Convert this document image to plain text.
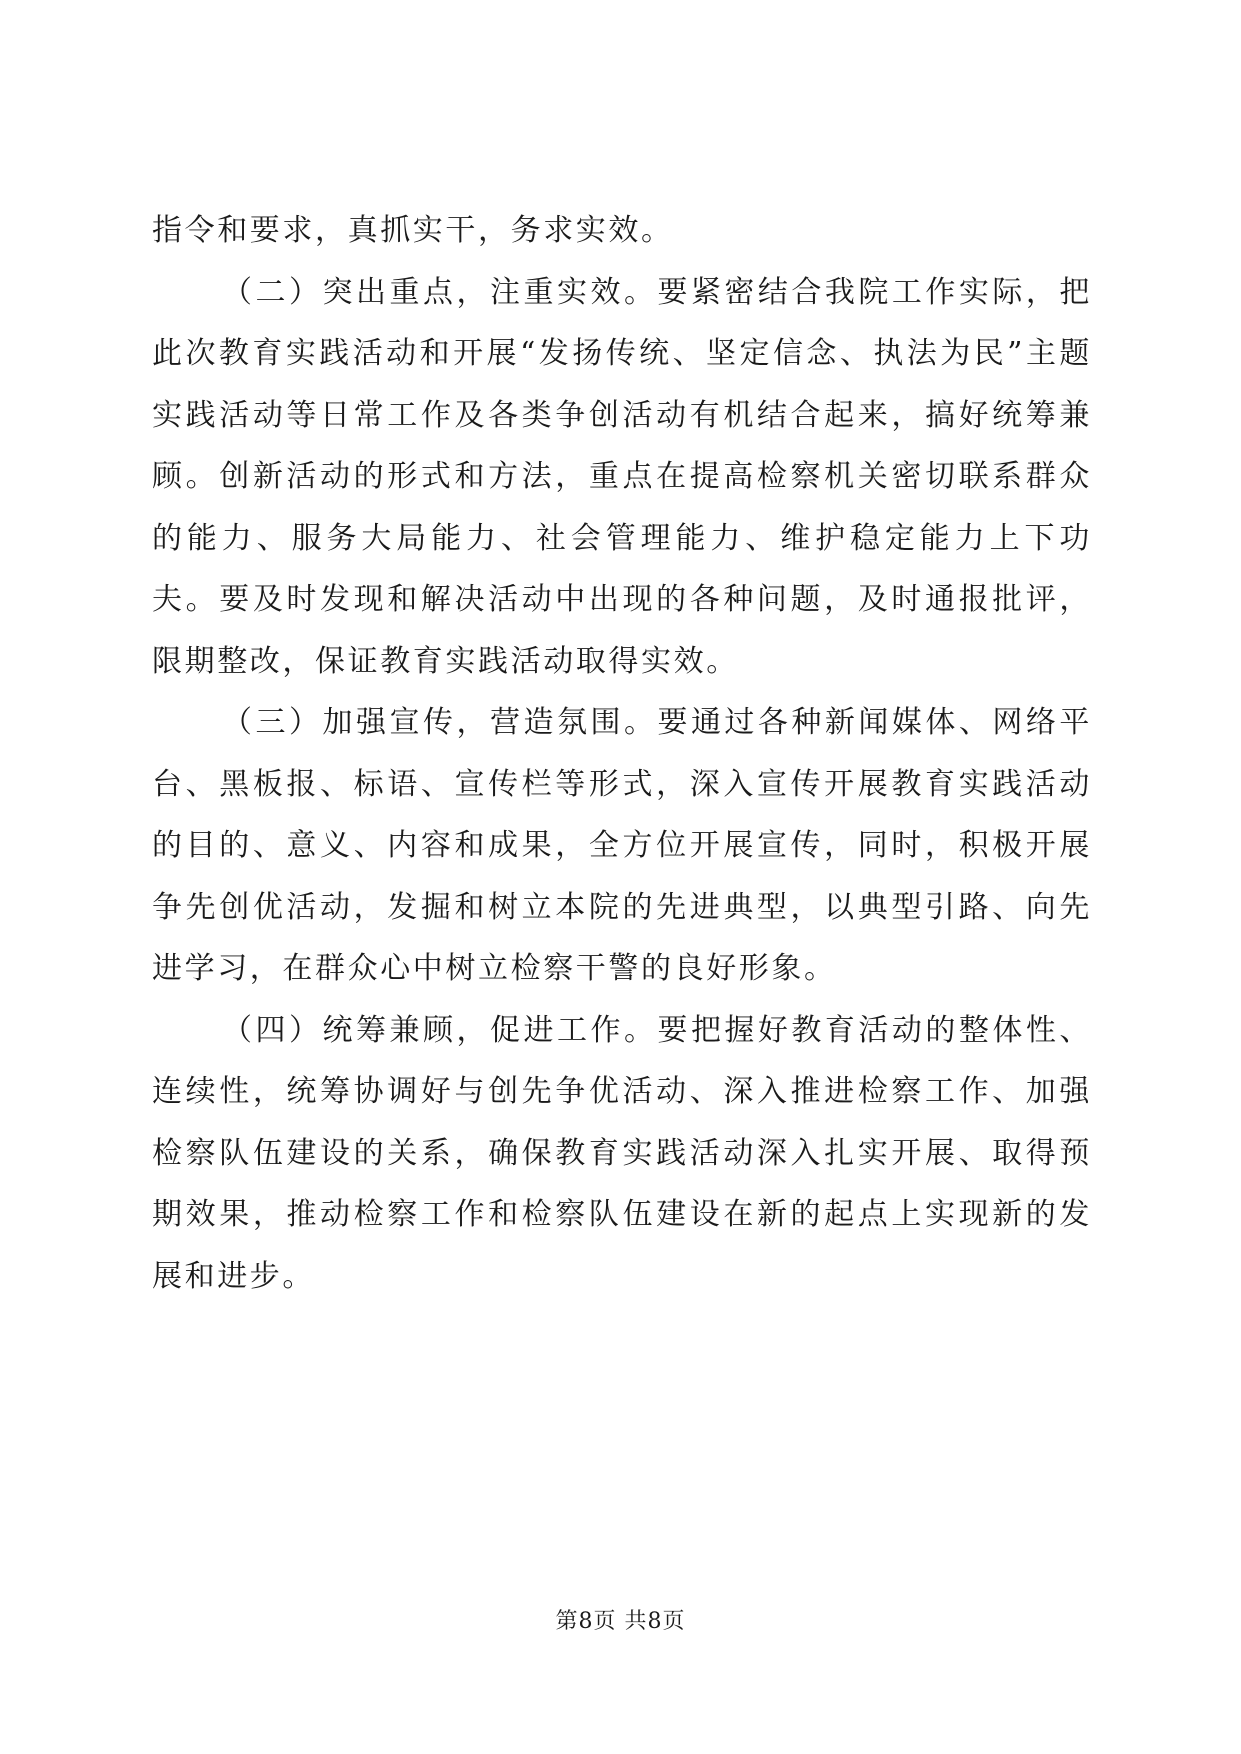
指令和要求，真抓实干，务求实效。

（二）突出重点，注重实效。要紧密结合我院工作实际，把此次教育实践活动和开展“发扬传统、坚定信念、执法为民”主题实践活动等日常工作及各类争创活动有机结合起来，搞好统筹兼顾。创新活动的形式和方法，重点在提高检察机关密切联系群众的能力、服务大局能力、社会管理能力、维护稳定能力上下功夫。要及时发现和解决活动中出现的各种问题，及时通报批评，限期整改，保证教育实践活动取得实效。

（三）加强宣传，营造氛围。要通过各种新闻媒体、网络平台、黑板报、标语、宣传栏等形式，深入宣传开展教育实践活动的目的、意义、内容和成果，全方位开展宣传，同时，积极开展争先创优活动，发掘和树立本院的先进典型，以典型引路、向先进学习，在群众心中树立检察干警的良好形象。

（四）统筹兼顾，促进工作。要把握好教育活动的整体性、连续性，统筹协调好与创先争优活动、深入推进检察工作、加强检察队伍建设的关系，确保教育实践活动深入扎实开展、取得预期效果，推动检察工作和检察队伍建设在新的起点上实现新的发展和进步。

第8页 共8页
